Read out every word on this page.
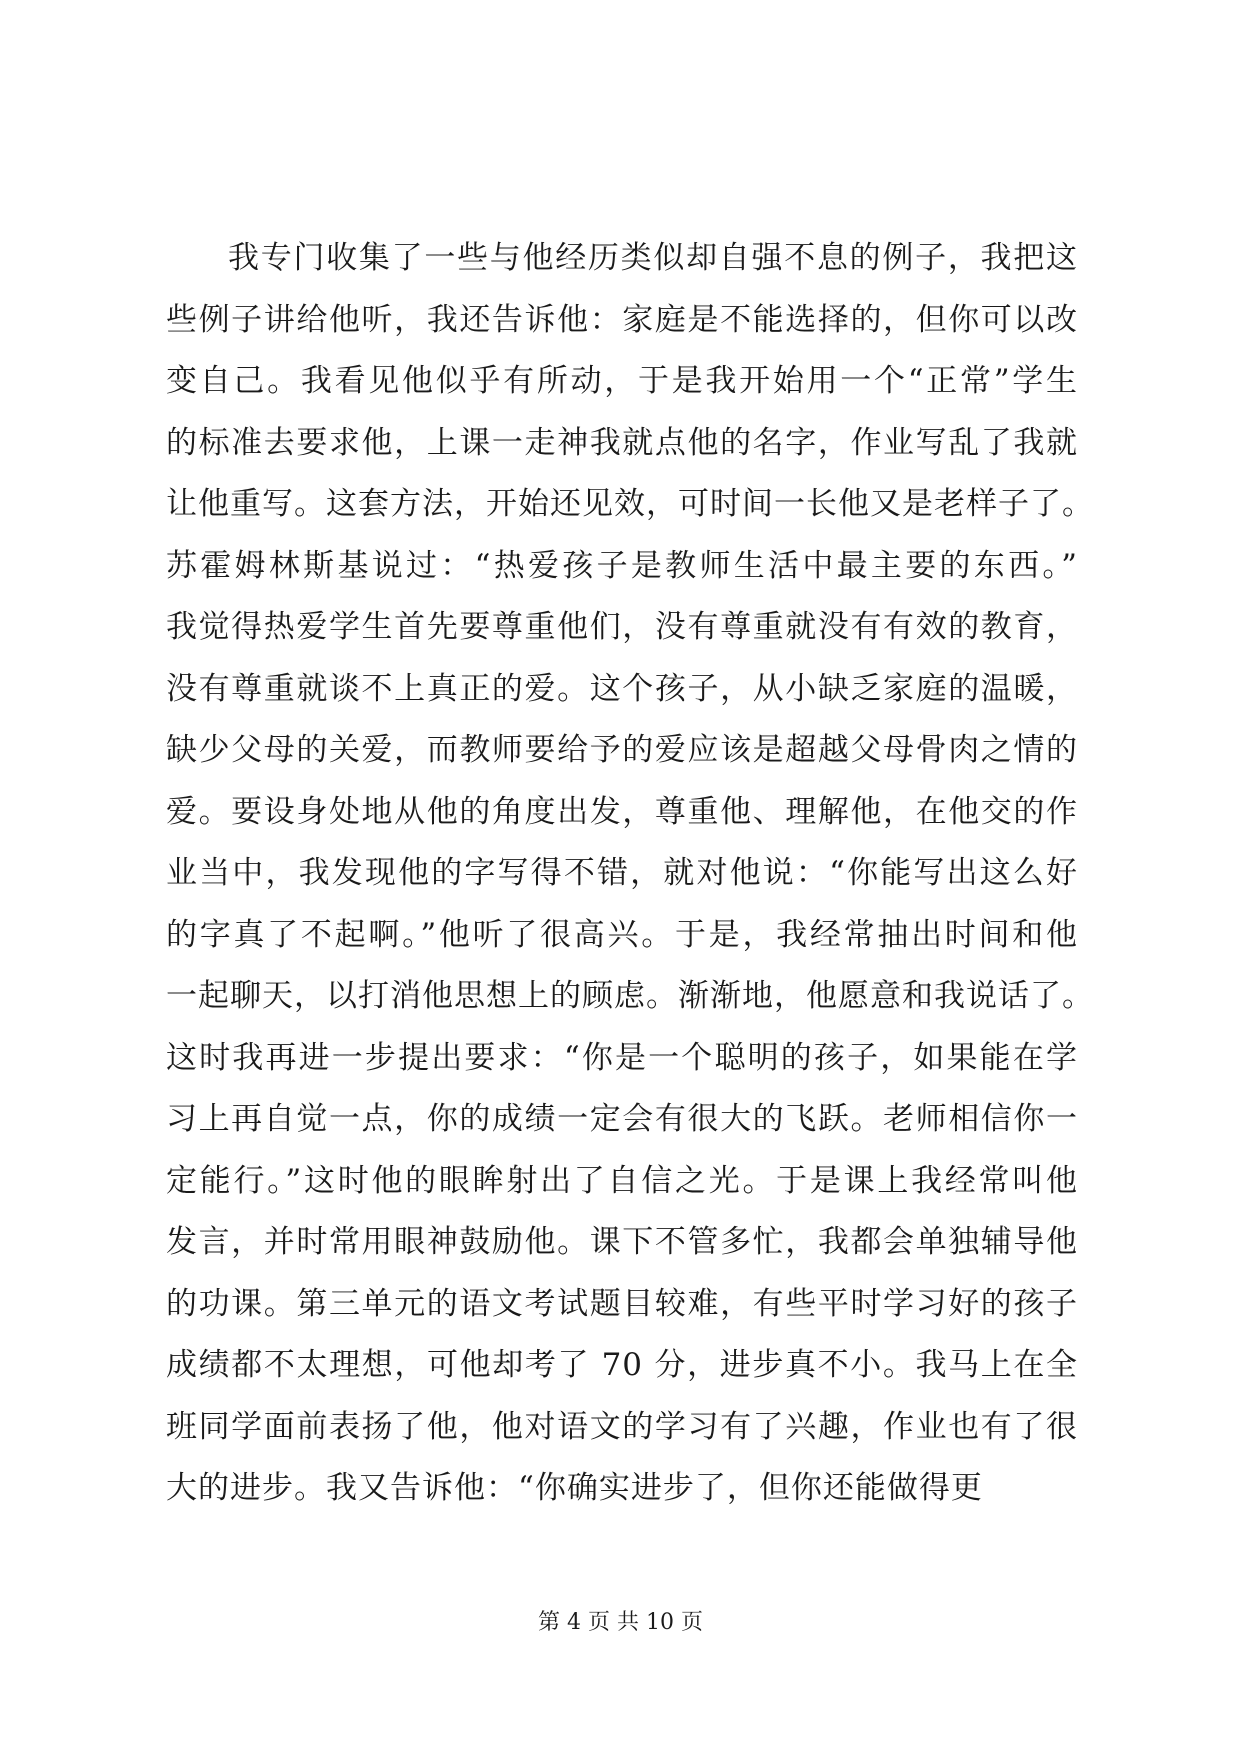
我专门收集了一些与他经历类似却自强不息的例子，我把这
些例子讲给他听，我还告诉他：家庭是不能选择的，但你可以改
变自己。我看见他似乎有所动，于是我开始用一个“正常”学生
的标准去要求他，上课一走神我就点他的名字，作业写乱了我就
让他重写。这套方法，开始还见效，可时间一长他又是老样子了。
苏霍姆林斯基说过：“热爱孩子是教师生活中最主要的东西。”
我觉得热爱学生首先要尊重他们，没有尊重就没有有效的教育，
没有尊重就谈不上真正的爱。这个孩子，从小缺乏家庭的温暖，
缺少父母的关爱，而教师要给予的爱应该是超越父母骨肉之情的
爱。要设身处地从他的角度出发，尊重他、理解他，在他交的作
业当中，我发现他的字写得不错，就对他说：“你能写出这么好
的字真了不起啊。”他听了很高兴。于是，我经常抽出时间和他
一起聊天，以打消他思想上的顾虑。渐渐地，他愿意和我说话了。
这时我再进一步提出要求：“你是一个聪明的孩子，如果能在学
习上再自觉一点，你的成绩一定会有很大的飞跃。老师相信你一
定能行。”这时他的眼眸射出了自信之光。于是课上我经常叫他
发言，并时常用眼神鼓励他。课下不管多忙，我都会单独辅导他
的功课。第三单元的语文考试题目较难，有些平时学习好的孩子
成绩都不太理想，可他却考了 70 分，进步真不小。我马上在全
班同学面前表扬了他，他对语文的学习有了兴趣，作业也有了很
大的进步。我又告诉他：“你确实进步了，但你还能做得更
第 4 页 共 10 页
